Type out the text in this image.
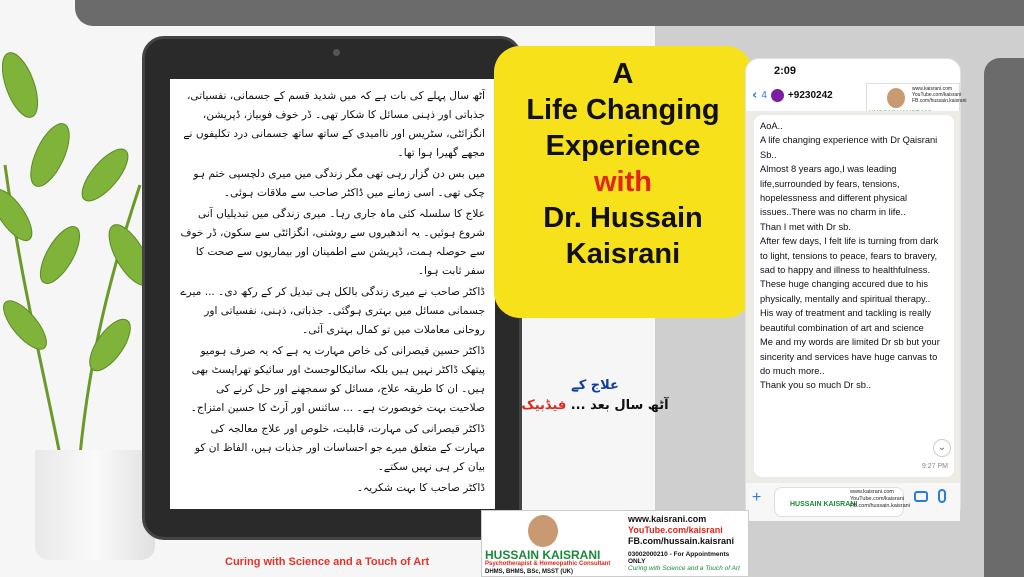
آٹھ سال پہلے کی بات ہے کہ میں شدید قسم کے جسمانی، نفسیاتی، جذباتی اور ذہنی مسائل کا شکار تھی۔ ڈر خوف فوبیاز، ڈپریشن، انگزائٹی، سٹریس اور ناامیدی کے ساتھ ساتھ جسمانی درد تکلیفوں نے مجھے گھیرا ہوا تھا۔

میں بس دن گزار رہی تھی مگر زندگی میں میری دلچسپی ختم ہو چکی تھی۔ اسی زمانے میں ڈاکٹر صاحب سے ملاقات ہوئی۔

علاج کا سلسلہ کئی ماہ جاری رہا۔ میری زندگی میں تبدیلیاں آنی شروع ہوئیں۔ یہ اندھیروں سے روشنی، انگزائٹی سے سکون، ڈر خوف سے حوصلہ ہمت، ڈپریشن سے اطمینان اور بیماریوں سے صحت کا سفر ثابت ہوا۔

ڈاکٹر صاحب نے میری زندگی بالکل ہی تبدیل کر کے رکھ دی۔ ... میرے جسمانی مسائل میں بہتری ہوگئی۔ جذباتی، ذہنی، نفسیاتی اور روحانی معاملات میں تو کمال بہتری آئی۔

ڈاکٹر حسین قیصرانی کی خاص مہارت یہ ہے کہ یہ صرف ہومیو پیتھک ڈاکٹر نہیں ہیں بلکہ سائیکالوجسٹ اور سائیکو تھراپسٹ بھی ہیں۔ ان کا طریقہ علاج، مسائل کو سمجھنے اور حل کرنے کی صلاحیت بہت خوبصورت ہے۔ ... سائنس اور آرٹ کا حسین امتزاج۔

ڈاکٹر قیصرانی کی مہارت، قابلیت، خلوص اور علاج معالجہ کی مہارت کے متعلق میرے جو احساسات اور جذبات ہیں، الفاظ ان کو بیان کر ہی نہیں سکتے۔

ڈاکٹر صاحب کا بہت شکریہ۔

Curing with Science and a Touch of Art
A
Life Changing
Experience
with
Dr. Hussain
Kaisrani
علاج کے
آٹھ سال بعد ... فیڈبیک
2:09
‹ 4 +9230242
www.kaisrani.com
YouTube.com/kaisrani
FB.com/hussain.kaisrani
AoA..
A life changing experience with Dr Qaisrani Sb..
Almost 8 years ago,I was leading life,surrounded by fears, tensions, hopelessness and different physical issues..There was no charm in life..
Than I met with Dr sb.
After few days, I felt life is turning from dark to light, tensions to peace, fears to bravery, sad to happy and illness to healthfulness. These huge changing accured due to his physically, mentally and spiritual therapy..
His way of treatment and tackling is really beautiful combination of art and science
Me and my words are limited Dr sb but your sincerity and services have huge canvas to do much more..
Thank you so much Dr sb..
9:27 PM
⌄
+	HUSSAIN KAISRANI
www.kaisrani.com
YouTube.com/kaisrani
FB.com/hussain.kaisrani
HUSSAIN KAISRANI
Psychotherapist & Homeopathic Consultant
DHMS, BHMS, BSc, MSST (UK)
www.kaisrani.com
YouTube.com/kaisrani
FB.com/hussain.kaisrani
03002000210 - For Appointments ONLY
Curing with Science and a Touch of Art
